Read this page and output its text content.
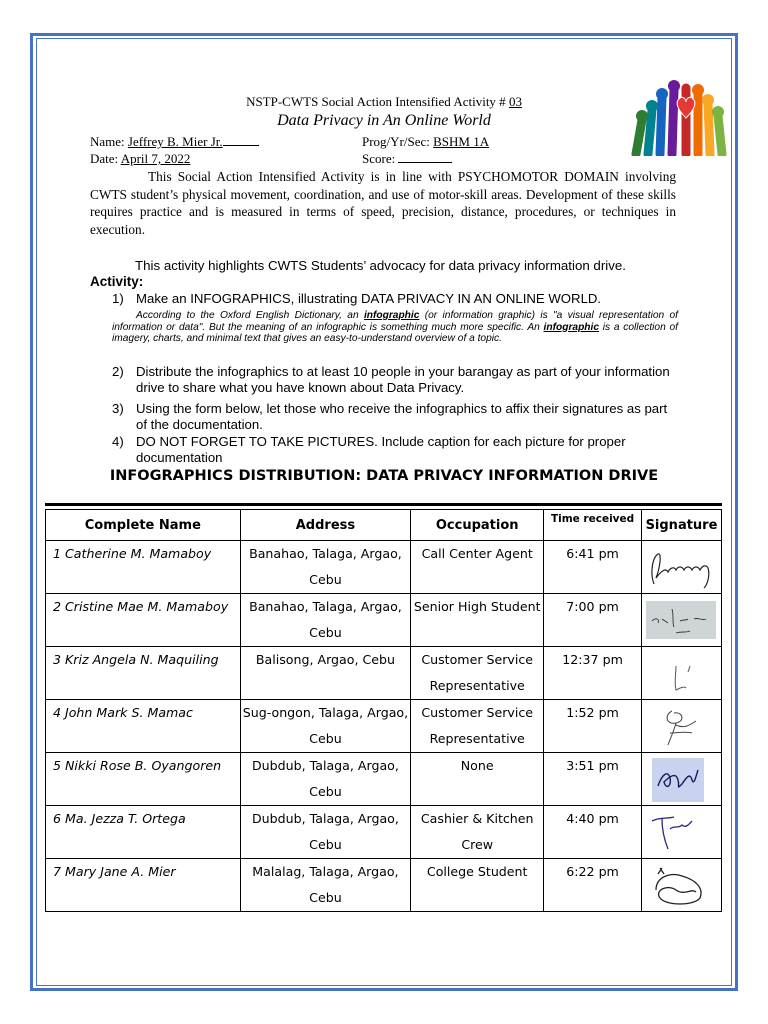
NSTP-CWTS Social Action Intensified Activity # 03
Data Privacy in An Online World
Name: Jeffrey B. Mier Jr.	Prog/Yr/Sec: BSHM 1A
Date: April 7, 2022	Score:

This Social Action Intensified Activity is in line with PSYCHOMOTOR DOMAIN involving CWTS student’s physical movement, coordination, and use of motor-skill areas. Development of these skills requires practice and is measured in terms of speed, precision, distance, procedures, or techniques in execution.

This activity highlights CWTS Students’ advocacy for data privacy information drive.
Activity:
1) Make an INFOGRAPHICS, illustrating DATA PRIVACY IN AN ONLINE WORLD.
According to the Oxford English Dictionary, an infographic (or information graphic) is "a visual representation of information or data". But the meaning of an infographic is something much more specific. An infographic is a collection of imagery, charts, and minimal text that gives an easy-to-understand overview of a topic.
2) Distribute the infographics to at least 10 people in your barangay as part of your information drive to share what you have known about Data Privacy.
3) Using the form below, let those who receive the infographics to affix their signatures as part of the documentation.
4) DO NOT FORGET TO TAKE PICTURES. Include caption for each picture for proper documentation
INFOGRAPHICS DISTRIBUTION: DATA PRIVACY INFORMATION DRIVE
Complete Name	Address	Occupation	Time received	Signature
1 Catherine M. Mamaboy	Banahao, Talaga, Argao, Cebu	Call Center Agent	6:41 pm	

2 Cristine Mae M. Mamaboy	Banahao, Talaga, Argao, Cebu	Senior High Student	7:00 pm	

3 Kriz Angela N. Maquiling	Balisong, Argao, Cebu	Customer Service Representative	12:37 pm	

4 John Mark S. Mamac	Sug-ongon, Talaga, Argao, Cebu	Customer Service Representative	1:52 pm	

5 Nikki Rose B. Oyangoren	Dubdub, Talaga, Argao, Cebu	None	3:51 pm	

6 Ma. Jezza T. Ortega	Dubdub, Talaga, Argao, Cebu	Cashier & Kitchen Crew	4:40 pm	

7 Mary Jane A. Mier	Malalag, Talaga, Argao, Cebu	College Student	6:22 pm	
